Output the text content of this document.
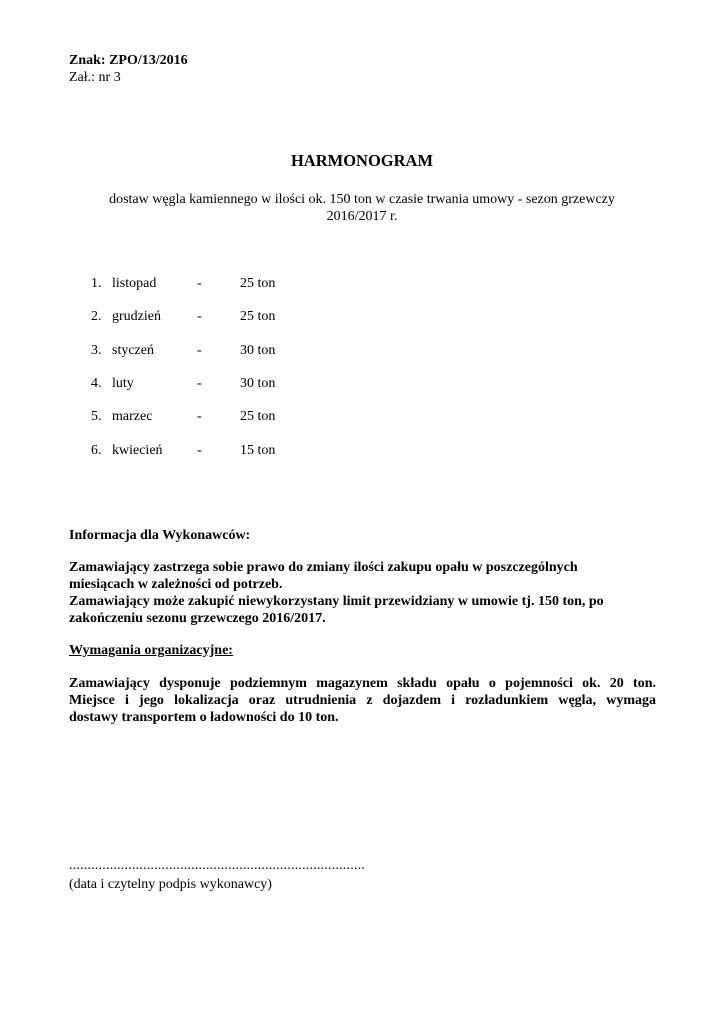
Znak: ZPO/13/2016
Zał.: nr 3
HARMONOGRAM
dostaw węgla kamiennego w ilości ok. 150 ton w czasie trwania umowy - sezon grzewczy
2016/2017 r.
1. listopad	-	25 ton
2. grudzień	-	25 ton
3. styczeń	-	30 ton
4. luty	-	30 ton
5. marzec	-	25 ton
6. kwiecień -	15 ton
Informacja dla Wykonawców:
Zamawiający zastrzega sobie prawo do zmiany ilości zakupu opału w poszczególnych
miesiącach w zależności od potrzeb.
Zamawiający może zakupić niewykorzystany limit przewidziany w umowie tj. 150 ton, po
zakończeniu sezonu grzewczego 2016/2017.
Wymagania organizacyjne:
Zamawiający dysponuje podziemnym magazynem składu opału o pojemności ok. 20 ton.
Miejsce i jego lokalizacja oraz utrudnienia z dojazdem i rozładunkiem węgla, wymaga
dostawy transportem o ładowności do 10 ton.
................................................................................
(data i czytelny podpis wykonawcy)
